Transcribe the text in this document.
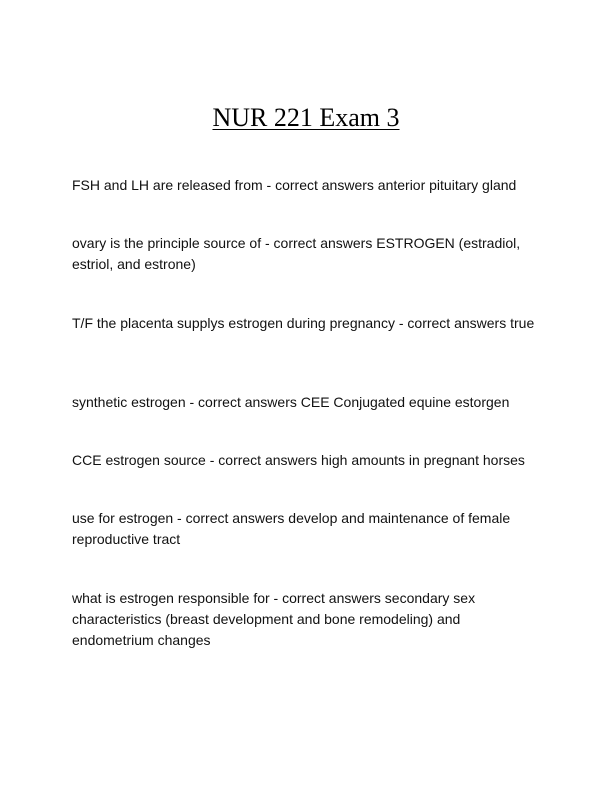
NUR 221 Exam 3

FSH and LH are released from - correct answers anterior pituitary gland

ovary is the principle source of - correct answers ESTROGEN (estradiol, estriol, and estrone)

T/F the placenta supplys estrogen during pregnancy - correct answers true

synthetic estrogen - correct answers CEE Conjugated equine estorgen

CCE estrogen source - correct answers high amounts in pregnant horses

use for estrogen - correct answers develop and maintenance of female reproductive tract

what is estrogen responsible for - correct answers secondary sex characteristics (breast development and bone remodeling) and endometrium changes
